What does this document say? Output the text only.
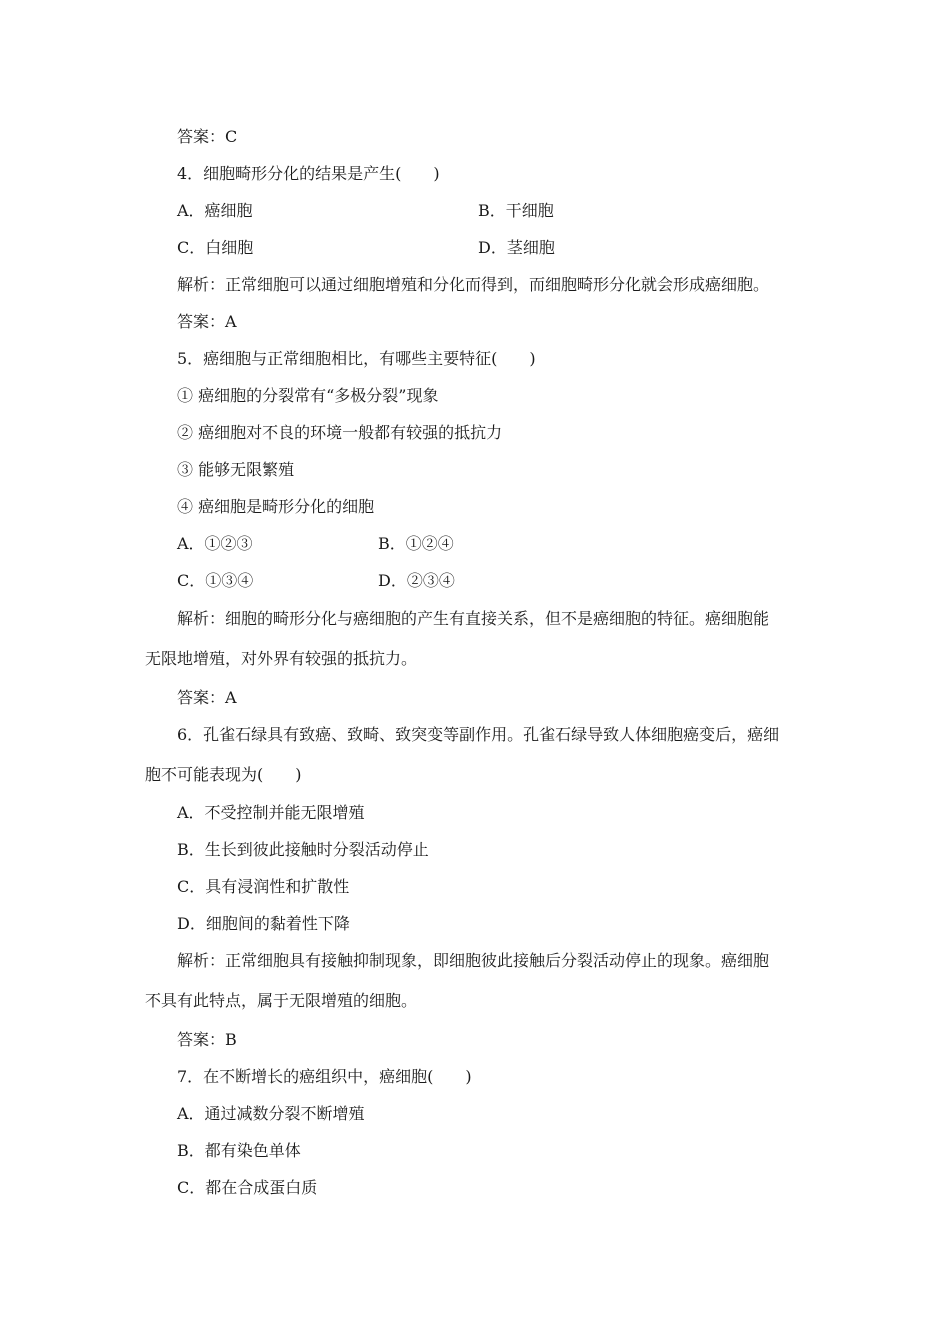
答案：C
4．细胞畸形分化的结果是产生(　　)
A．癌细胞	B．干细胞
C．白细胞	D．茎细胞
解析：正常细胞可以通过细胞增殖和分化而得到，而细胞畸形分化就会形成癌细胞。
答案：A
5．癌细胞与正常细胞相比，有哪些主要特征(　　)
① 癌细胞的分裂常有“多极分裂”现象
② 癌细胞对不良的环境一般都有较强的抵抗力
③ 能够无限繁殖
④ 癌细胞是畸形分化的细胞
A．①②③	B．①②④
C．①③④	D．②③④
解析：细胞的畸形分化与癌细胞的产生有直接关系，但不是癌细胞的特征。癌细胞能
无限地增殖，对外界有较强的抵抗力。
答案：A
6．孔雀石绿具有致癌、致畸、致突变等副作用。孔雀石绿导致人体细胞癌变后，癌细
胞不可能表现为(　　)
A．不受控制并能无限增殖
B．生长到彼此接触时分裂活动停止
C．具有浸润性和扩散性
D．细胞间的黏着性下降
解析：正常细胞具有接触抑制现象，即细胞彼此接触后分裂活动停止的现象。癌细胞
不具有此特点，属于无限增殖的细胞。
答案：B
7．在不断增长的癌组织中，癌细胞(　　)
A．通过减数分裂不断增殖
B．都有染色单体
C．都在合成蛋白质
